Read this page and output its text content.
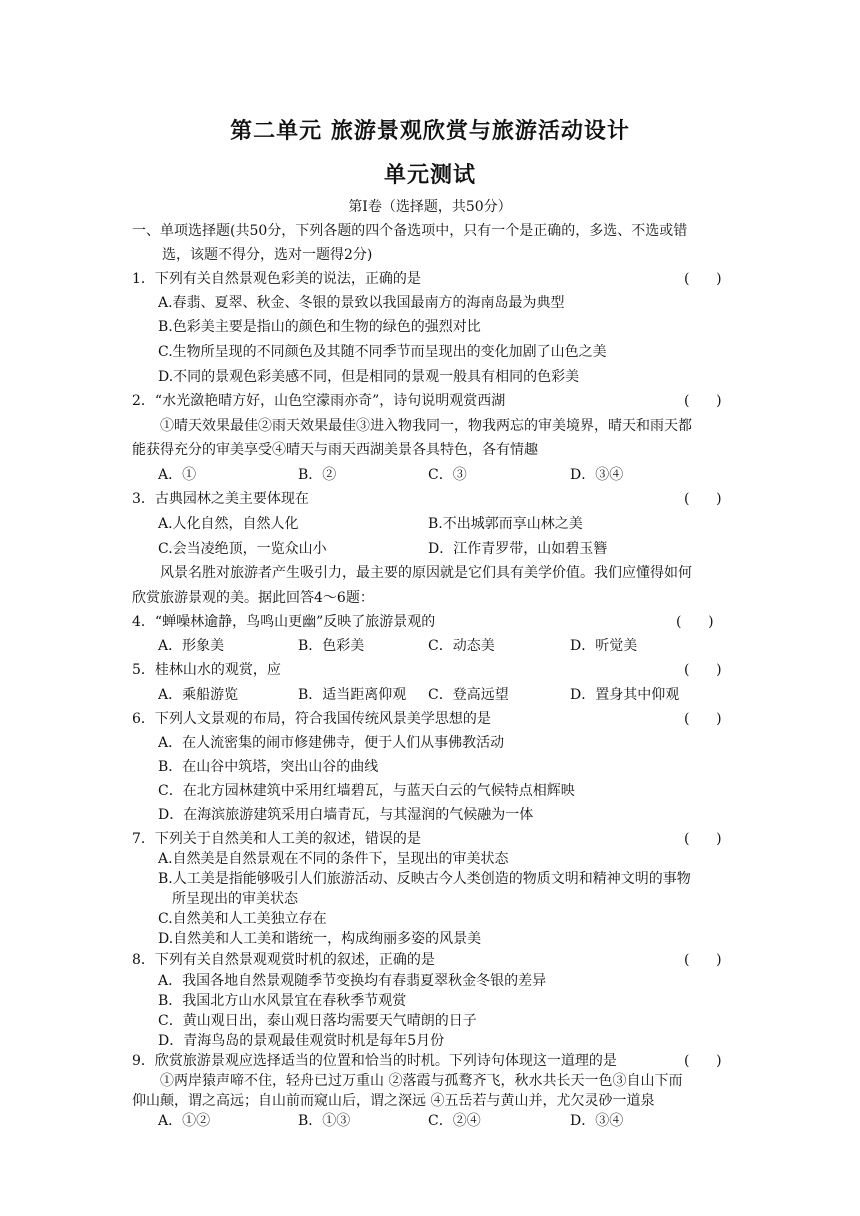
第二单元 旅游景观欣赏与旅游活动设计
单元测试
第Ⅰ卷（选择题，共50分）
一、单项选择题(共50分，下列各题的四个备选项中，只有一个是正确的，多选、不选或错
选，该题不得分，选对一题得2分)
1．下列有关自然景观色彩美的说法，正确的是	(      )
A.春翡、夏翠、秋金、冬银的景致以我国最南方的海南岛最为典型
B.色彩美主要是指山的颜色和生物的绿色的强烈对比
C.生物所呈现的不同颜色及其随不同季节而呈现出的变化加剧了山色之美
D.不同的景观色彩美感不同，但是相同的景观一般具有相同的色彩美
2．“水光潋艳晴方好，山色空濛雨亦奇”，诗句说明观赏西湖	(      )
①晴天效果最佳②雨天效果最佳③进入物我同一，物我两忘的审美境界，晴天和雨天都
能获得充分的审美享受④晴天与雨天西湖美景各具特色，各有情趣
A．①	B．②	C．③	D．③④
3．古典园林之美主要体现在	(      )
A.人化自然，自然人化	B.不出城郭而享山林之美
C.会当凌绝顶，一览众山小	D．江作青罗带，山如碧玉簪
风景名胜对旅游者产生吸引力，最主要的原因就是它们具有美学价值。我们应懂得如何
欣赏旅游景观的美。据此回答4～6题：
4．“蝉噪林逾静，鸟鸣山更幽”反映了旅游景观的	(      )
A．形象美	B．色彩美	C．动态美	D．听觉美
5．桂林山水的观赏，应	(      )
A．乘船游览	B．适当距离仰观 C．登高远望	D．置身其中仰观
6．下列人文景观的布局，符合我国传统风景美学思想的是	(      )
A．在人流密集的闹市修建佛寺，便于人们从事佛教活动
B．在山谷中筑塔，突出山谷的曲线
C．在北方园林建筑中采用红墙碧瓦，与蓝天白云的气候特点相辉映
D．在海滨旅游建筑采用白墙青瓦，与其湿润的气候融为一体
7．下列关于自然美和人工美的叙述，错误的是	(      )
A.自然美是自然景观在不同的条件下，呈现出的审美状态
B.人工美是指能够吸引人们旅游活动、反映古今人类创造的物质文明和精神文明的事物
所呈现出的审美状态
C.自然美和人工美独立存在
D.自然美和人工美和谐统一，构成绚丽多姿的风景美
8．下列有关自然景观观赏时机的叙述，正确的是	(      )
A．我国各地自然景观随季节变换均有春翡夏翠秋金冬银的差异
B．我国北方山水风景宜在春秋季节观赏
C．黄山观日出，泰山观日落均需要天气晴朗的日子
D．青海鸟岛的景观最佳观赏时机是每年5月份
9．欣赏旅游景观应选择适当的位置和恰当的时机。下列诗句体现这一道理的是	(      )
①两岸猿声啼不住，轻舟已过万重山 ②落霞与孤鹜齐飞，秋水共长天一色③自山下而
仰山颠，谓之高远；自山前而窥山后，谓之深远 ④五岳若与黄山并，尤欠灵砂一道泉
A．①②	B．①③	C．②④	D．③④
